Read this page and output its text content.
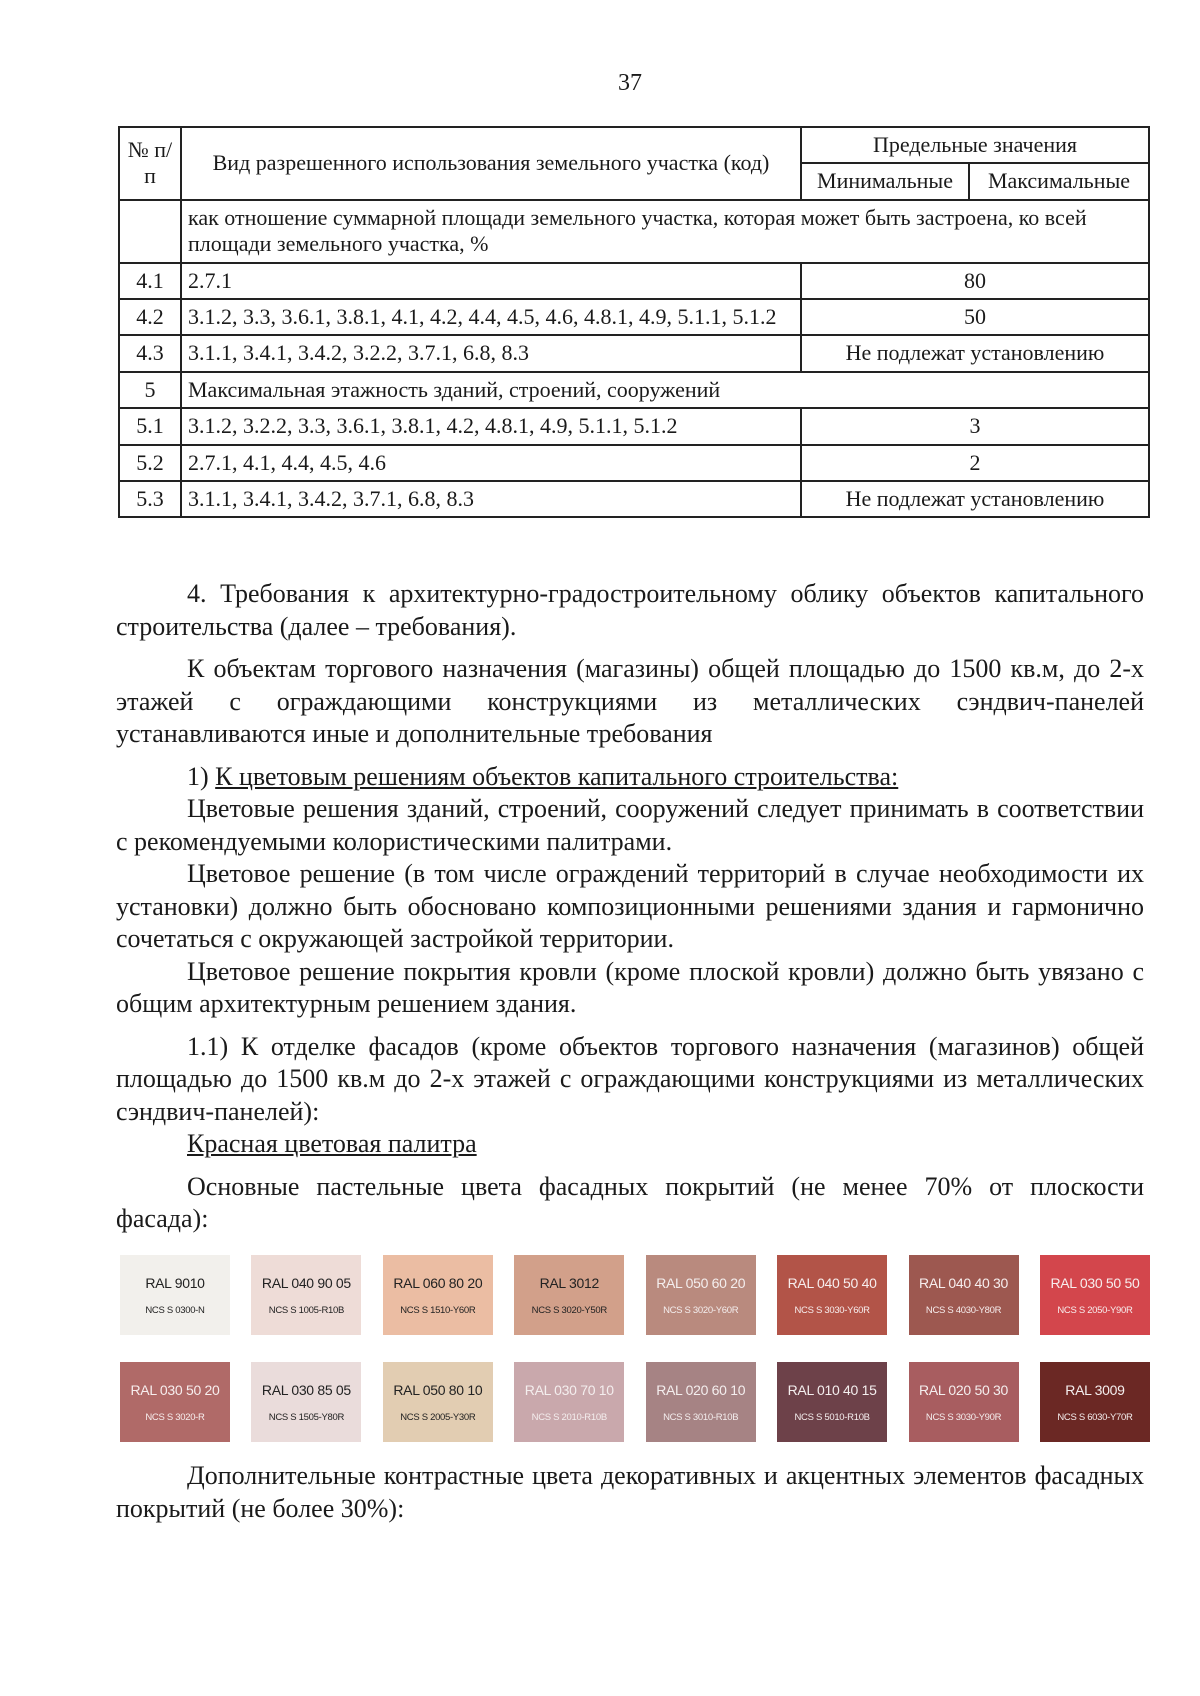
37
№ п/п	Вид разрешенного использования земельного участка (код)	Предельные значения	
		Минимальные	Максимальные
	как отношение суммарной площади земельного участка, которая может быть застроена, ко всей площади земельного участка, %		
4.1	2.7.1	80	
4.2	3.1.2, 3.3, 3.6.1, 3.8.1, 4.1, 4.2, 4.4, 4.5, 4.6, 4.8.1, 4.9, 5.1.1, 5.1.2	50	
4.3	3.1.1, 3.4.1, 3.4.2, 3.2.2, 3.7.1, 6.8, 8.3	Не подлежат установлению	
5	Максимальная этажность зданий, строений, сооружений		
5.1	3.1.2, 3.2.2, 3.3, 3.6.1, 3.8.1, 4.2, 4.8.1, 4.9, 5.1.1, 5.1.2	3	
5.2	2.7.1, 4.1, 4.4, 4.5, 4.6	2	
5.3	3.1.1, 3.4.1, 3.4.2, 3.7.1, 6.8, 8.3	Не подлежат установлению	

4. Требования к архитектурно-градостроительному облику объектов капитального строительства (далее – требования).

К объектам торгового назначения (магазины) общей площадью до 1500 кв.м, до 2-х этажей с ограждающими конструкциями из металлических сэндвич-панелей устанавливаются иные и дополнительные требования

1) К цветовым решениям объектов капитального строительства:

Цветовые решения зданий, строений, сооружений следует принимать в соответствии с рекомендуемыми колористическими палитрами.

Цветовое решение (в том числе ограждений территорий в случае необходимости их установки) должно быть обосновано композиционными решениями здания и гармонично сочетаться с окружающей застройкой территории.

Цветовое решение покрытия кровли (кроме плоской кровли) должно быть увязано с общим архитектурным решением здания.

1.1) К отделке фасадов (кроме объектов торгового назначения (магазинов) общей площадью до 1500 кв.м до 2-х этажей с ограждающими конструкциями из металлических сэндвич-панелей):

Красная цветовая палитра

Основные пастельные цвета фасадных покрытий (не менее 70% от плоскости фасада):

RAL 9010
NCS S 0300-N
RAL 040 90 05
NCS S 1005-R10B
RAL 060 80 20
NCS S 1510-Y60R
RAL 3012
NCS S 3020-Y50R
RAL 050 60 20
NCS S 3020-Y60R
RAL 040 50 40
NCS S 3030-Y60R
RAL 040 40 30
NCS S 4030-Y80R
RAL 030 50 50
NCS S 2050-Y90R
RAL 030 50 20
NCS S 3020-R
RAL 030 85 05
NCS S 1505-Y80R
RAL 050 80 10
NCS S 2005-Y30R
RAL 030 70 10
NCS S 2010-R10B
RAL 020 60 10
NCS S 3010-R10B
RAL 010 40 15
NCS S 5010-R10B
RAL 020 50 30
NCS S 3030-Y90R
RAL 3009
NCS S 6030-Y70R

Дополнительные контрастные цвета декоративных и акцентных элементов фасадных покрытий (не более 30%):
